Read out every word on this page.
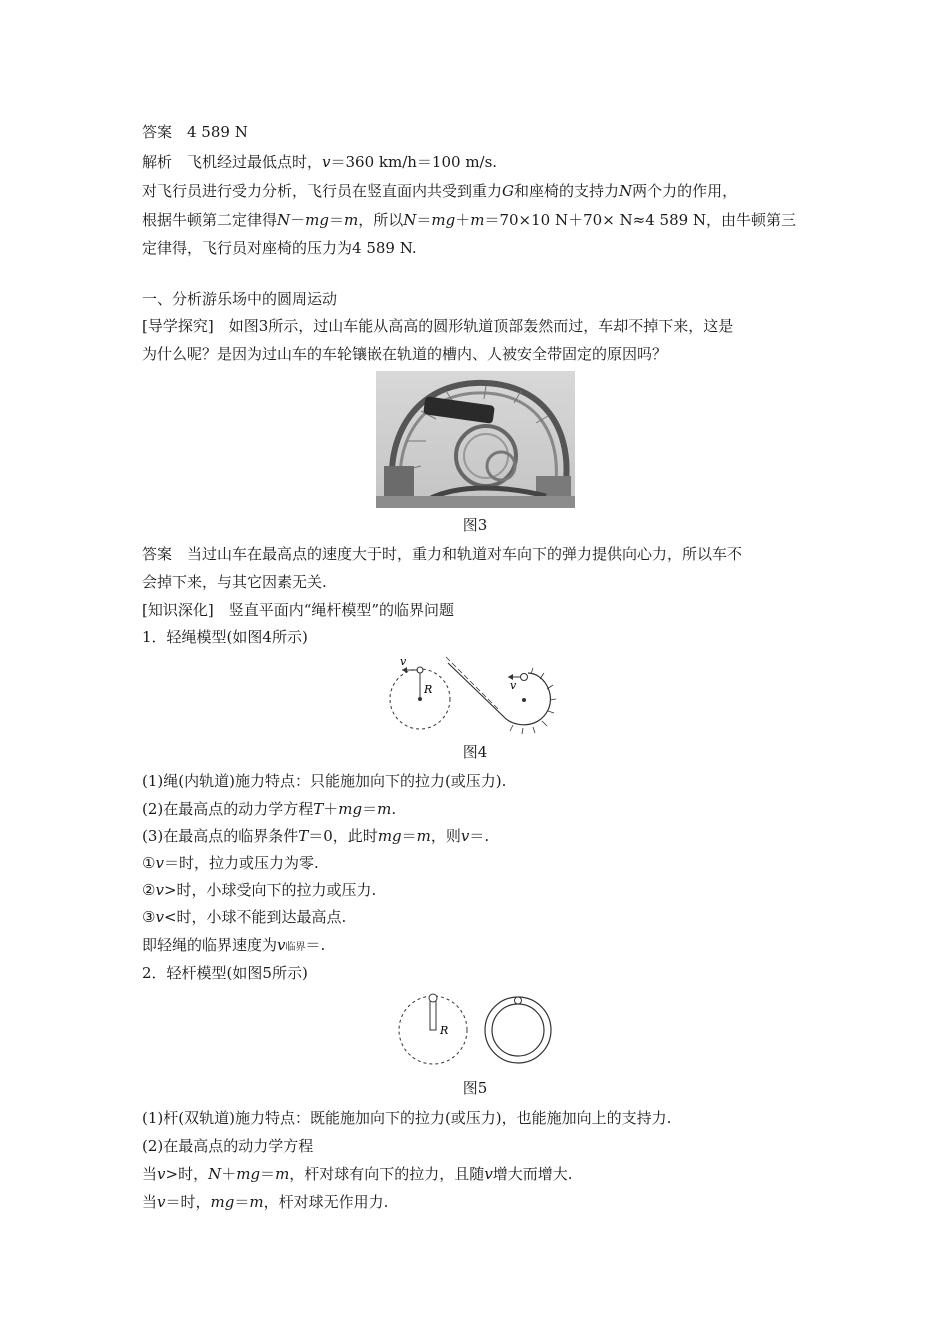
答案　4 589 N
解析　飞机经过最低点时，v＝360 km/h＝100 m/s.
对飞行员进行受力分析，飞行员在竖直面内共受到重力G和座椅的支持力N两个力的作用，
根据牛顿第二定律得N－mg＝m，所以N＝mg＋m＝70×10 N＋70× N≈4 589 N，由牛顿第三
定律得，飞行员对座椅的压力为4 589 N.
一、分析游乐场中的圆周运动
[导学探究]　如图3所示，过山车能从高高的圆形轨道顶部轰然而过，车却不掉下来，这是
为什么呢？是因为过山车的车轮镶嵌在轨道的槽内、人被安全带固定的原因吗？
图3
答案　当过山车在最高点的速度大于时，重力和轨道对车向下的弹力提供向心力，所以车不
会掉下来，与其它因素无关.
[知识深化]　竖直平面内“绳杆模型”的临界问题
1．轻绳模型(如图4所示)
v
R	v
图4
(1)绳(内轨道)施力特点：只能施加向下的拉力(或压力).
(2)在最高点的动力学方程T＋mg＝m.
(3)在最高点的临界条件T＝0，此时mg＝m，则v＝.
①v＝时，拉力或压力为零.
②v>时，小球受向下的拉力或压力.
③v<时，小球不能到达最高点.
即轻绳的临界速度为v临界＝.
2．轻杆模型(如图5所示)
R
图5
(1)杆(双轨道)施力特点：既能施加向下的拉力(或压力)，也能施加向上的支持力.
(2)在最高点的动力学方程
当v>时，N＋mg＝m，杆对球有向下的拉力，且随v增大而增大.
当v＝时，mg＝m，杆对球无作用力.
